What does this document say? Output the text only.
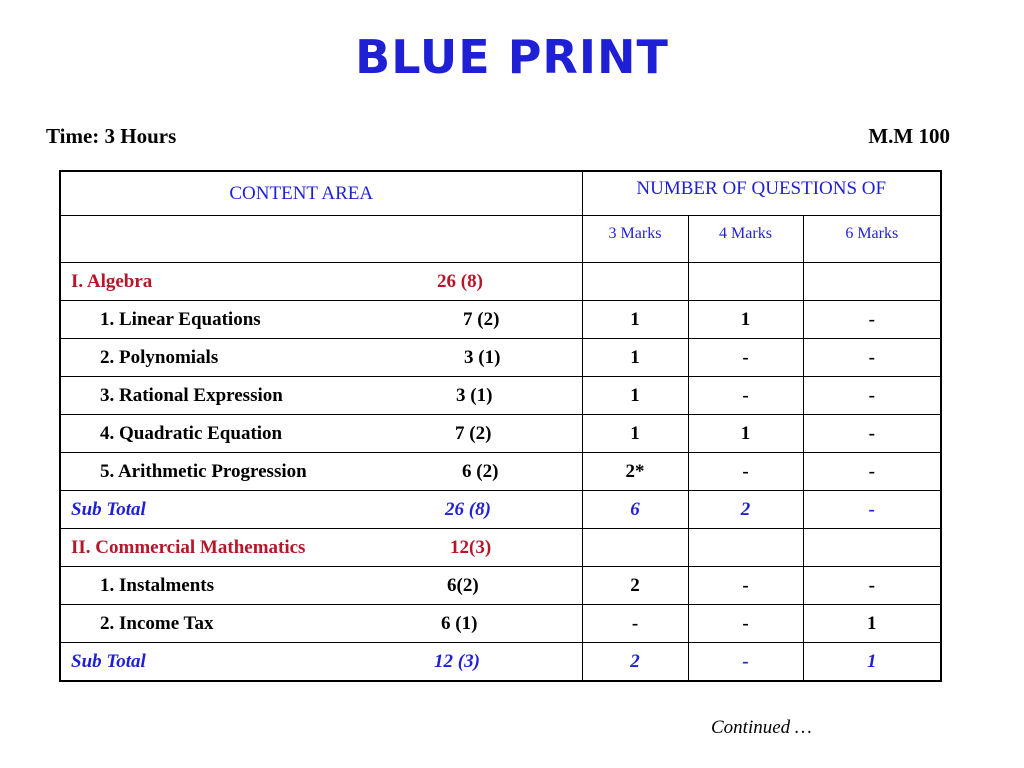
BLUE PRINT
Time: 3 Hours	M.M 100
CONTENT AREA	NUMBER OF QUESTIONS OF		
	3 Marks	4 Marks	6 Marks

I. Algebra 26 (8)			

1. Linear Equations 7 (2)	1	1	-

2. Polynomials 3 (1)	1	-	-

3. Rational Expression 3 (1)	1	-	-

4. Quadratic Equation 7 (2)	1	1	-

5. Arithmetic Progression 6 (2)	2*	-	-

Sub Total 26 (8)	6	2	-

II. Commercial Mathematics 12(3)			

1. Instalments 6(2)	2	-	-

2. Income Tax 6 (1)	-	-	1

Sub Total 12 (3)	2	-	1
Continued …
